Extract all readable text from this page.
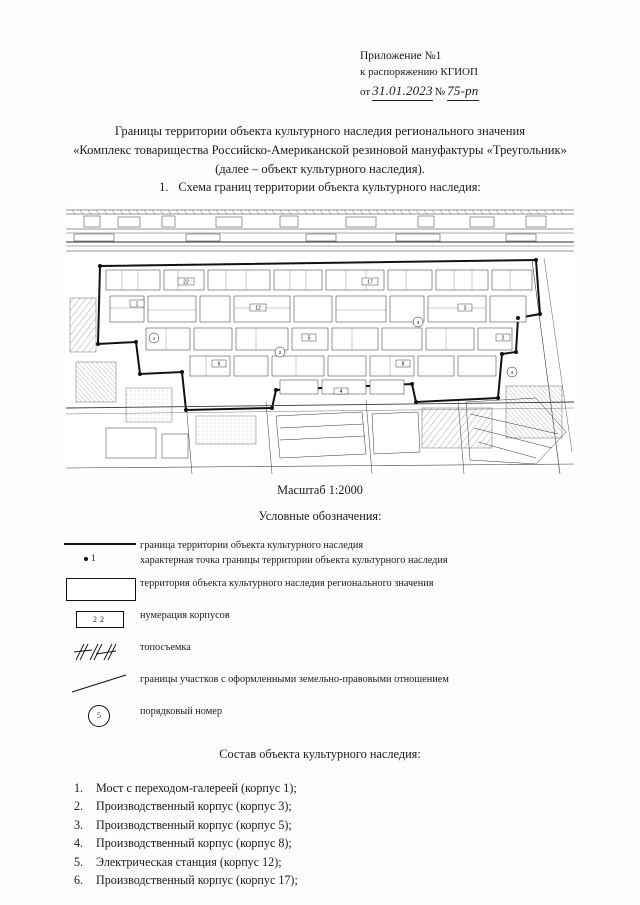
Приложение №1
к распоряжению КГИОП
от 31.01.2023 № 75-рп
Границы территории объекта культурного наследия регионального значения
«Комплекс товарищества Российско-Американской резиновой мануфактуры «Треугольник»
(далее – объект культурного наследия).
1. Схема границ территории объекта культурного наследия:
22
12
17
3
5
8
1
6
4
2
1
2
3
4
Масштаб 1:2000
Условные обозначения:
граница территории объекта культурного наследия
1	характерная точка границы территории объекта культурного наследия
территория объекта культурного наследия регионального значения
22	нумерация корпусов
топосъемка
границы участков с оформленными земельно-правовыми отношением
5	порядковый номер
Состав объекта культурного наследия:
1.	Мост с переходом-галереей (корпус 1);
2.	Производственный корпус (корпус 3);
3.	Производственный корпус (корпус 5);
4.	Производственный корпус (корпус 8);
5.	Электрическая станция (корпус 12);
6.	Производственный корпус (корпус 17);
